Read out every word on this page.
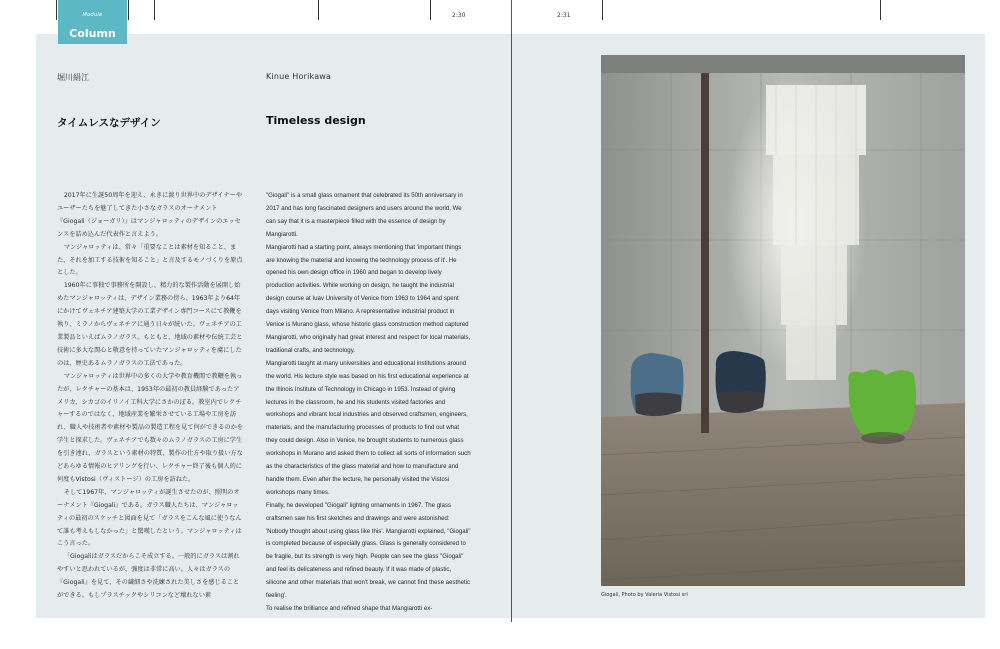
2:30	2:31
Module
Column
堀川絹江	Kinue Horikawa
タイムレスなデザイン	Timeless design

2017年に生誕50周年を迎え、永きに渡り世界中のデザイナーやユーザーたちを魅了してきた小さなガラスのオーナメント『Giogali（ジョーガリ）』はマンジャロッティのデザインのエッセンスを詰め込んだ代表作と言えよう。

マンジャロッティは、常々「重要なことは素材を知ること、また、それを加工する技術を知ること」と言及するモノづくりを原点とした。

1960年に事独で事務所を開設し、精力的な製作活動を展開し始めたマンジャロッティは、デザイン業務の傍ら、1963年より64年にかけてヴェネチア建築大学の工業デザイン専門コースにて教鞭を執り、ミラノからヴェネチアに通う日々が続いた。ヴェネチアの工業製品といえばムラノガラス。もともと、地域の素材や伝統工芸と技術に多大な関心と敬意を持っていたマンジャロッティを虜にしたのは、歴史あるムラノガラスの工法であった。

マンジャロッティは世界中の多くの大学や教育機関で教鞭を執ったが、レクチャーの基本は、1953年の最初の教員経験であったアメリカ、シカゴのイリノイ工科大学にさかのぼる。教室内でレクチャーするのではなく、地域産業を繁栄させている工場や工房を訪れ、職人や技術者や素材や製品の製造工程を見て何ができるのかを学生と探求した。ヴェネチアでも数々のムラノガラスの工房に学生を引き連れ、ガラスという素材の特質、製作の仕方や取り扱い方などあらゆる情報のヒアリングを行い、レクチャー終了後も個人的に何度もVistosi（ヴィストージ）の工房を訪ねた。

そして1967年、マンジャロッティが誕生させたのが、照明のオーナメント『Giogali』である。ガラス職人たちは、マンジャロッティの最初のスケッチと図面を見て「ガラスをこんな風に使うなんて誰も考えもしなかった」と驚嘆したという。マンジャロッティはこう言った。

「Giogaliはガラスだからこそ成立する。一般的にガラスは割れやすいと思われているが、強度は非常に高い。人々はガラスの『Giogali』を見て、その繊細さや洗練された美しさを感じることができる。もしプラスチックやシリコンなど壊れない素

"Giogali" is a small glass ornament that celebrated its 50th anniversary in 2017 and has long fascinated designers and users around the world. We can say that it is a masterpiece filled with the essence of design by Mangiarotti.

Mangiarotti had a starting point, always mentioning that 'important things are knowing the material and knowing the technology process of it'. He opened his own design office in 1960 and began to develop lively production activities. While working on design, he taught the industrial design course at Iuav University of Venice from 1963 to 1964 and spent days visiting Venice from Milano. A representative industrial product in Venice is Murano glass, whose historic glass construction method captured Mangiarotti, who originally had great interest and respect for local materials, traditional crafts, and technology.

Mangiarotti taught at many universities and educational institutions around the world. His lecture style was based on his first educational experience at the Illinois Institute of Technology in Chicago in 1953. Instead of giving lectures in the classroom, he and his students visited factories and workshops and vibrant local industries and observed craftsmen, engineers, materials, and the manufacturing processes of products to find out what they could design. Also in Venice, he brought students to numerous glass workshops in Murano and asked them to collect all sorts of information such as the characteristics of the glass material and how to manufacture and handle them. Even after the lecture, he personally visited the Vistosi workshops many times.

Finally, he developed "Giogali" lighting ornaments in 1967. The glass craftsmen saw his first sketches and drawings and were astonished: 'Nobody thought about using glass like this'. Mangiarotti explained, "Giogali" is completed because of especially glass. Glass is generally considered to be fragile, but its strength is very high. People can see the glass "Giogali" and feel its delicateness and refined beauty. If it was made of plastic, silicone and other materials that won't break, we cannot find these aesthetic feeling'.

To realise the brilliance and refined shape that Mangiarotti ex-

Giogali, Photo by Valeria Vistosi srl
